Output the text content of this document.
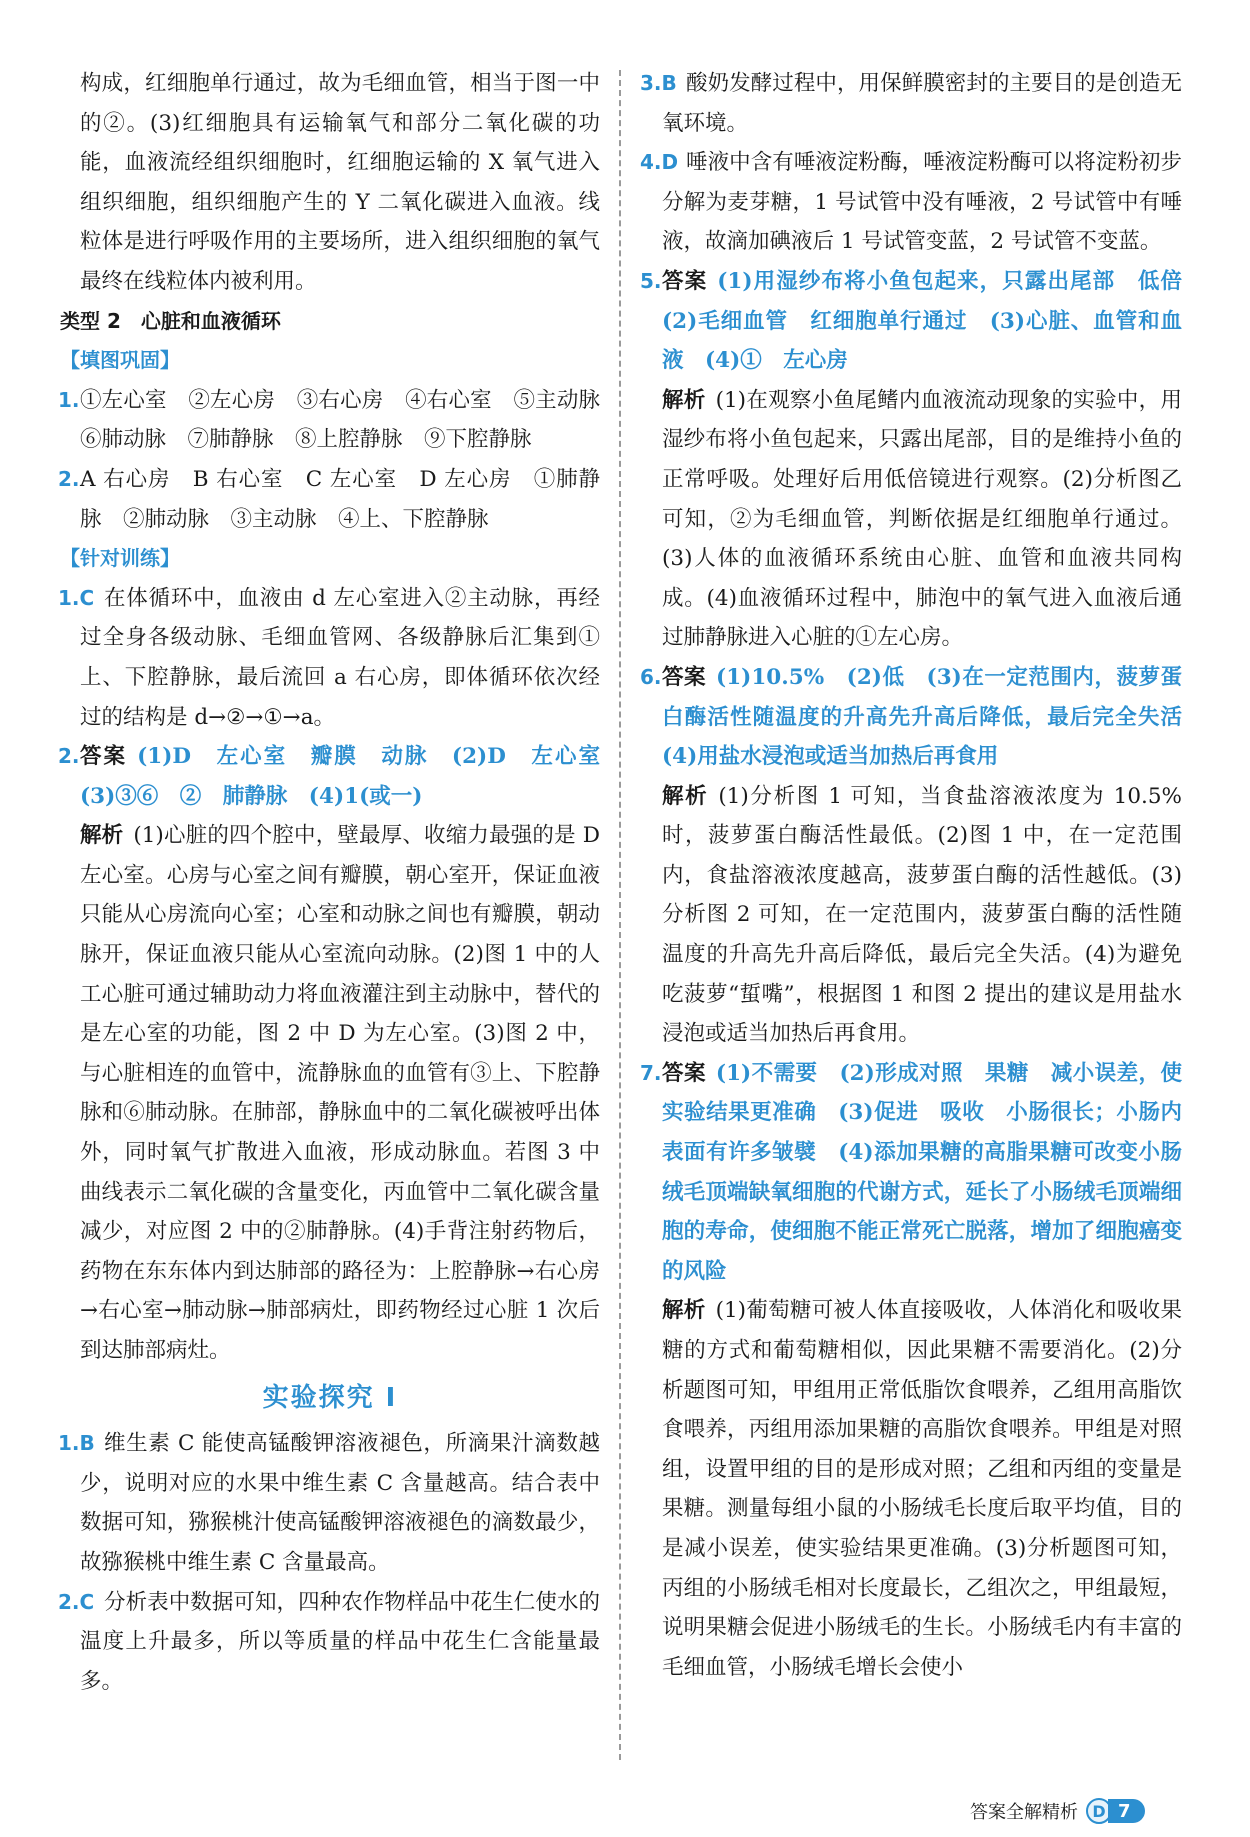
构成，红细胞单行通过，故为毛细血管，相当于图一中的②。(3)红细胞具有运输氧气和部分二氧化碳的功能，血液流经组织细胞时，红细胞运输的 X 氧气进入组织细胞，组织细胞产生的 Y 二氧化碳进入血液。线粒体是进行呼吸作用的主要场所，进入组织细胞的氧气最终在线粒体内被利用。

类型 2　心脏和血液循环

【填图巩固】

1. ①左心室　②左心房　③右心房　④右心室　⑤主动脉　⑥肺动脉　⑦肺静脉　⑧上腔静脉　⑨下腔静脉

2. A 右心房　B 右心室　C 左心室　D 左心房　①肺静脉　②肺动脉　③主动脉　④上、下腔静脉

【针对训练】

1.C 在体循环中，血液由 d 左心室进入②主动脉，再经过全身各级动脉、毛细血管网、各级静脉后汇集到①上、下腔静脉，最后流回 a 右心房，即体循环依次经过的结构是 d→②→①→a。

2. 答案 (1)D　左心室　瓣膜　动脉　(2)D　左心室　(3)③⑥　②　肺静脉　(4)1(或一)

解析 (1)心脏的四个腔中，壁最厚、收缩力最强的是 D 左心室。心房与心室之间有瓣膜，朝心室开，保证血液只能从心房流向心室；心室和动脉之间也有瓣膜，朝动脉开，保证血液只能从心室流向动脉。(2)图 1 中的人工心脏可通过辅助动力将血液灌注到主动脉中，替代的是左心室的功能，图 2 中 D 为左心室。(3)图 2 中，与心脏相连的血管中，流静脉血的血管有③上、下腔静脉和⑥肺动脉。在肺部，静脉血中的二氧化碳被呼出体外，同时氧气扩散进入血液，形成动脉血。若图 3 中曲线表示二氧化碳的含量变化，丙血管中二氧化碳含量减少，对应图 2 中的②肺静脉。(4)手背注射药物后，药物在东东体内到达肺部的路径为：上腔静脉→右心房→右心室→肺动脉→肺部病灶，即药物经过心脏 1 次后到达肺部病灶。

实验探究 Ⅰ

1.B 维生素 C 能使高锰酸钾溶液褪色，所滴果汁滴数越少，说明对应的水果中维生素 C 含量越高。结合表中数据可知，猕猴桃汁使高锰酸钾溶液褪色的滴数最少，故猕猴桃中维生素 C 含量最高。

2.C 分析表中数据可知，四种农作物样品中花生仁使水的温度上升最多，所以等质量的样品中花生仁含能量最多。

3.B 酸奶发酵过程中，用保鲜膜密封的主要目的是创造无氧环境。

4.D 唾液中含有唾液淀粉酶，唾液淀粉酶可以将淀粉初步分解为麦芽糖，1 号试管中没有唾液，2 号试管中有唾液，故滴加碘液后 1 号试管变蓝，2 号试管不变蓝。

5. 答案 (1)用湿纱布将小鱼包起来，只露出尾部　低倍　(2)毛细血管　红细胞单行通过　(3)心脏、血管和血液　(4)①　左心房

解析 (1)在观察小鱼尾鳍内血液流动现象的实验中，用湿纱布将小鱼包起来，只露出尾部，目的是维持小鱼的正常呼吸。处理好后用低倍镜进行观察。(2)分析图乙可知，②为毛细血管，判断依据是红细胞单行通过。(3)人体的血液循环系统由心脏、血管和血液共同构成。(4)血液循环过程中，肺泡中的氧气进入血液后通过肺静脉进入心脏的①左心房。

6. 答案 (1)10.5%　(2)低　(3)在一定范围内，菠萝蛋白酶活性随温度的升高先升高后降低，最后完全失活　(4)用盐水浸泡或适当加热后再食用

解析 (1)分析图 1 可知，当食盐溶液浓度为 10.5% 时，菠萝蛋白酶活性最低。(2)图 1 中，在一定范围内，食盐溶液浓度越高，菠萝蛋白酶的活性越低。(3)分析图 2 可知，在一定范围内，菠萝蛋白酶的活性随温度的升高先升高后降低，最后完全失活。(4)为避免吃菠萝“蜇嘴”，根据图 1 和图 2 提出的建议是用盐水浸泡或适当加热后再食用。

7. 答案 (1)不需要　(2)形成对照　果糖　减小误差，使实验结果更准确　(3)促进　吸收　小肠很长；小肠内表面有许多皱襞　(4)添加果糖的高脂果糖可改变小肠绒毛顶端缺氧细胞的代谢方式，延长了小肠绒毛顶端细胞的寿命，使细胞不能正常死亡脱落，增加了细胞癌变的风险

解析 (1)葡萄糖可被人体直接吸收，人体消化和吸收果糖的方式和葡萄糖相似，因此果糖不需要消化。(2)分析题图可知，甲组用正常低脂饮食喂养，乙组用高脂饮食喂养，丙组用添加果糖的高脂饮食喂养。甲组是对照组，设置甲组的目的是形成对照；乙组和丙组的变量是果糖。测量每组小鼠的小肠绒毛长度后取平均值，目的是减小误差，使实验结果更准确。(3)分析题图可知，丙组的小肠绒毛相对长度最长，乙组次之，甲组最短，说明果糖会促进小肠绒毛的生长。小肠绒毛内有丰富的毛细血管，小肠绒毛增长会使小

答案全解精析 D 7
